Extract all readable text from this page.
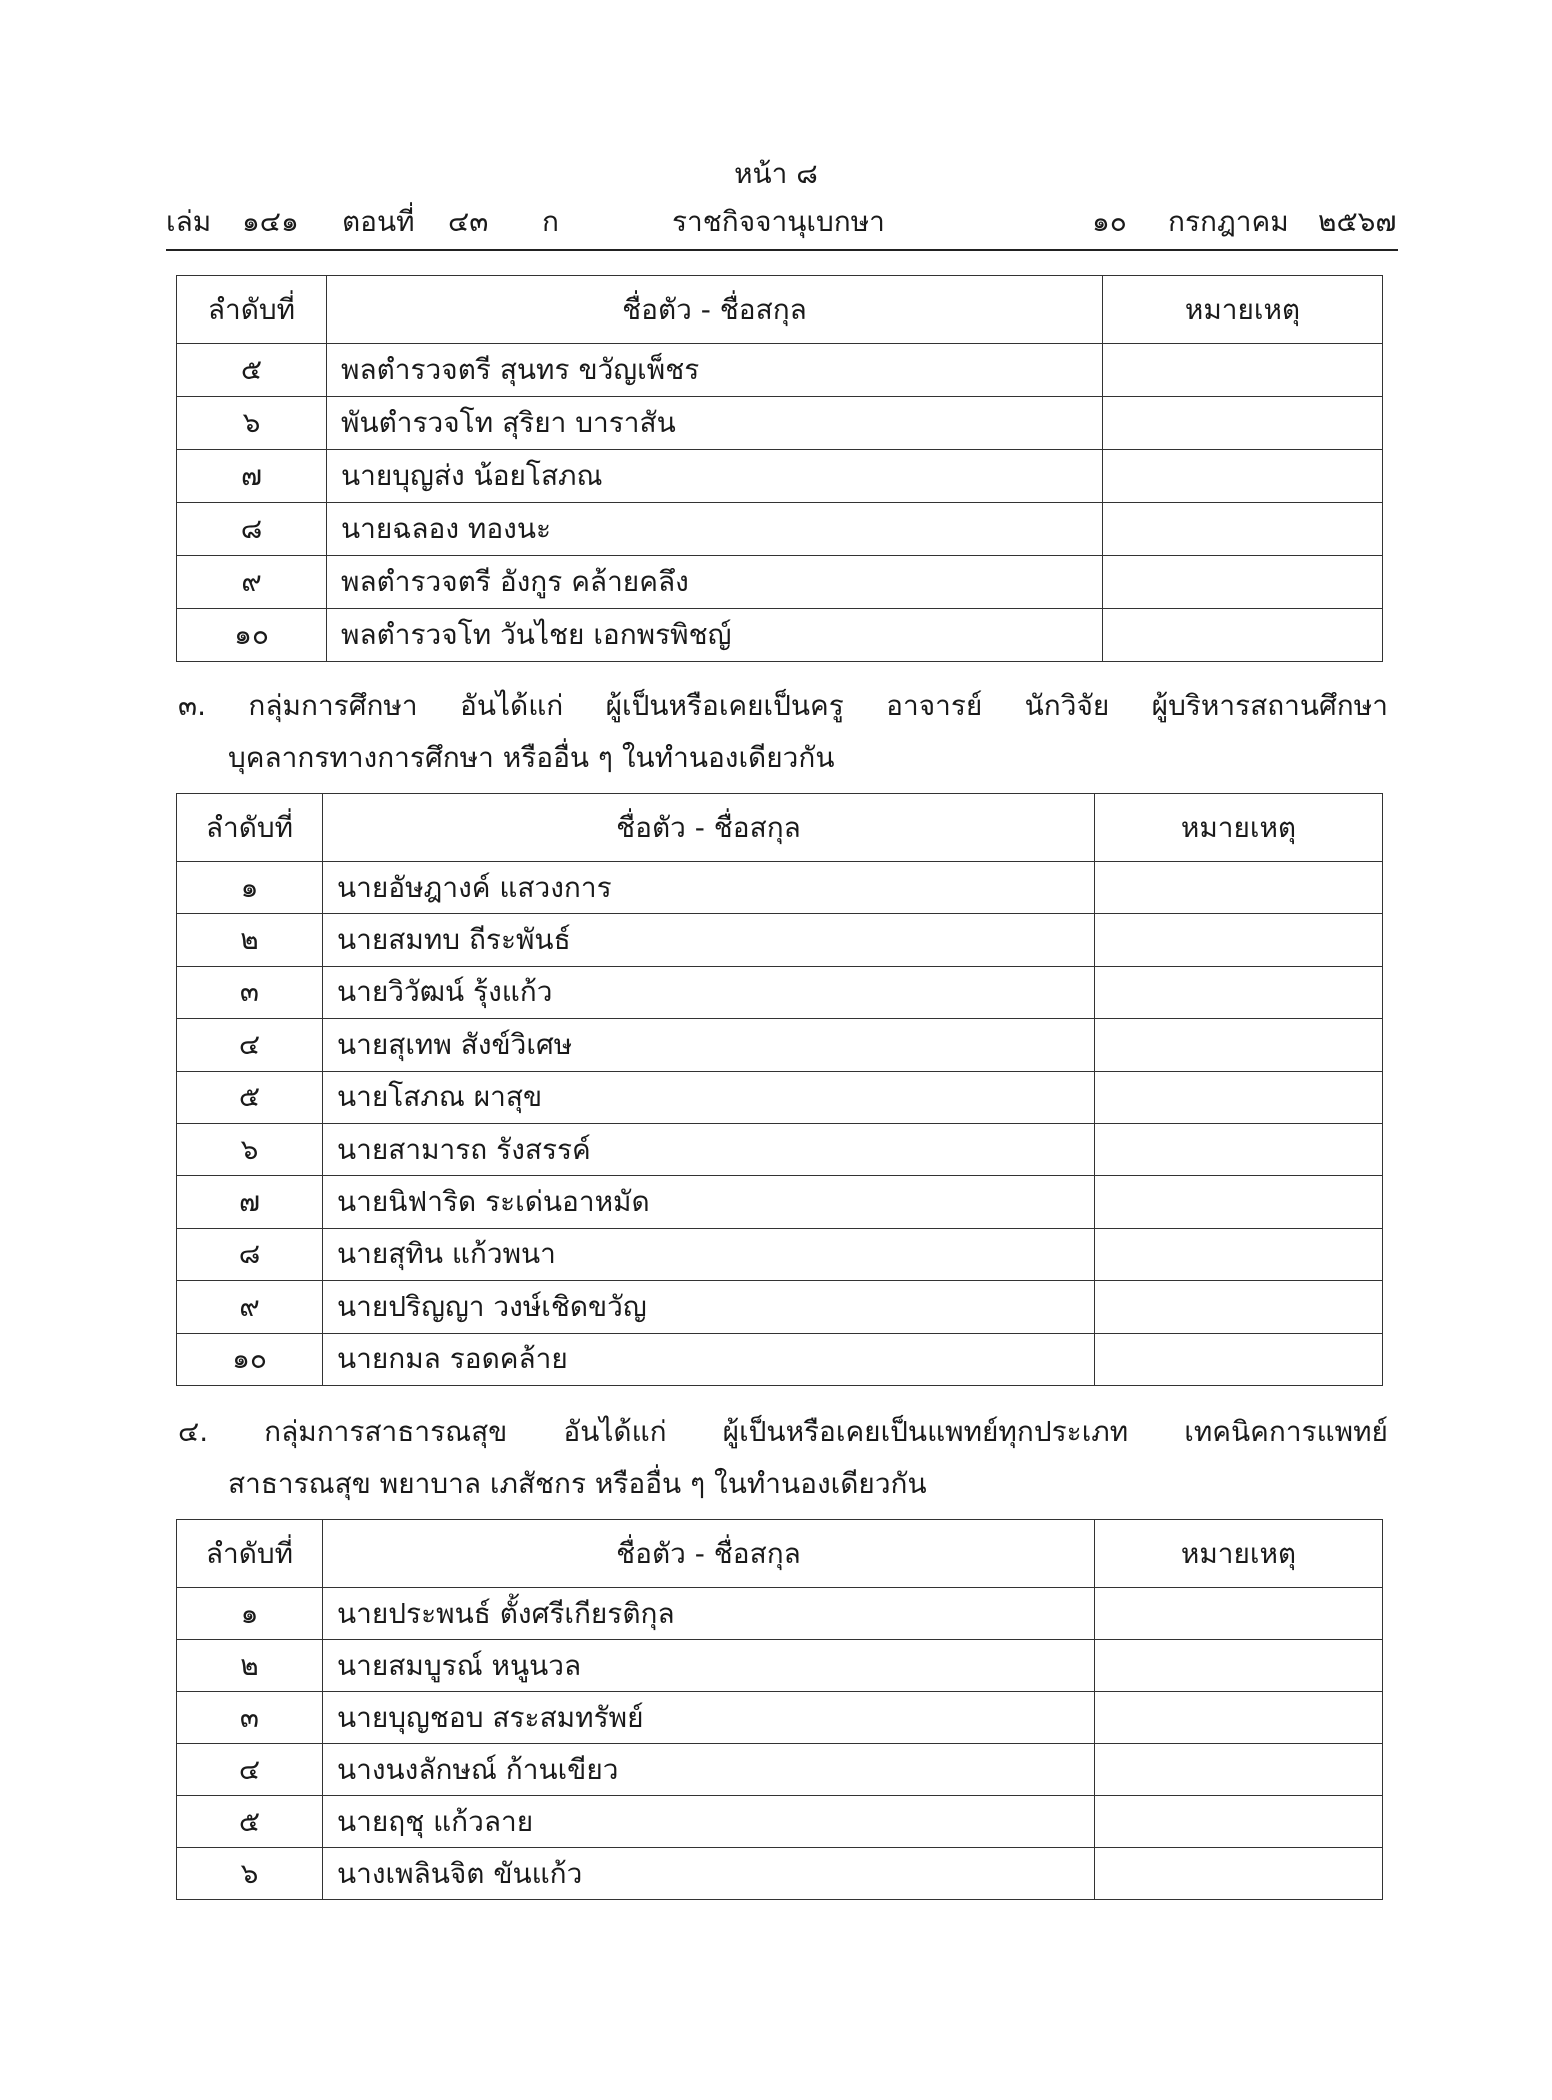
หน้า ๘
เล่ม ๑๔๑ ตอนที่ ๔๓ ก	ราชกิจจานุเบกษา	๑๐ กรกฎาคม ๒๕๖๗
ลำดับที่	ชื่อตัว - ชื่อสกุล	หมายเหตุ
๕	พลตำรวจตรี สุนทร ขวัญเพ็ชร	
๖	พันตำรวจโท สุริยา บาราสัน	
๗	นายบุญส่ง น้อยโสภณ	
๘	นายฉลอง ทองนะ	
๙	พลตำรวจตรี อังกูร คล้ายคลึง	
๑๐	พลตำรวจโท วันไชย เอกพรพิชญ์	
๓. กลุ่มการศึกษา อันได้แก่ ผู้เป็นหรือเคยเป็นครู อาจารย์ นักวิจัย ผู้บริหารสถานศึกษา
บุคลากรทางการศึกษา หรืออื่น ๆ ในทำนองเดียวกัน
ลำดับที่	ชื่อตัว - ชื่อสกุล	หมายเหตุ
๑	นายอัษฎางค์ แสวงการ	
๒	นายสมทบ ถีระพันธ์	
๓	นายวิวัฒน์ รุ้งแก้ว	
๔	นายสุเทพ สังข์วิเศษ	
๕	นายโสภณ ผาสุข	
๖	นายสามารถ รังสรรค์	
๗	นายนิฟาริด ระเด่นอาหมัด	
๘	นายสุทิน แก้วพนา	
๙	นายปริญญา วงษ์เชิดขวัญ	
๑๐	นายกมล รอดคล้าย	
๔. กลุ่มการสาธารณสุข อันได้แก่ ผู้เป็นหรือเคยเป็นแพทย์ทุกประเภท เทคนิคการแพทย์
สาธารณสุข พยาบาล เภสัชกร หรืออื่น ๆ ในทำนองเดียวกัน
ลำดับที่	ชื่อตัว - ชื่อสกุล	หมายเหตุ
๑	นายประพนธ์ ตั้งศรีเกียรติกุล	
๒	นายสมบูรณ์ หนูนวล	
๓	นายบุญชอบ สระสมทรัพย์	
๔	นางนงลักษณ์ ก้านเขียว	
๕	นายฤชุ แก้วลาย	
๖	นางเพลินจิต ขันแก้ว	
